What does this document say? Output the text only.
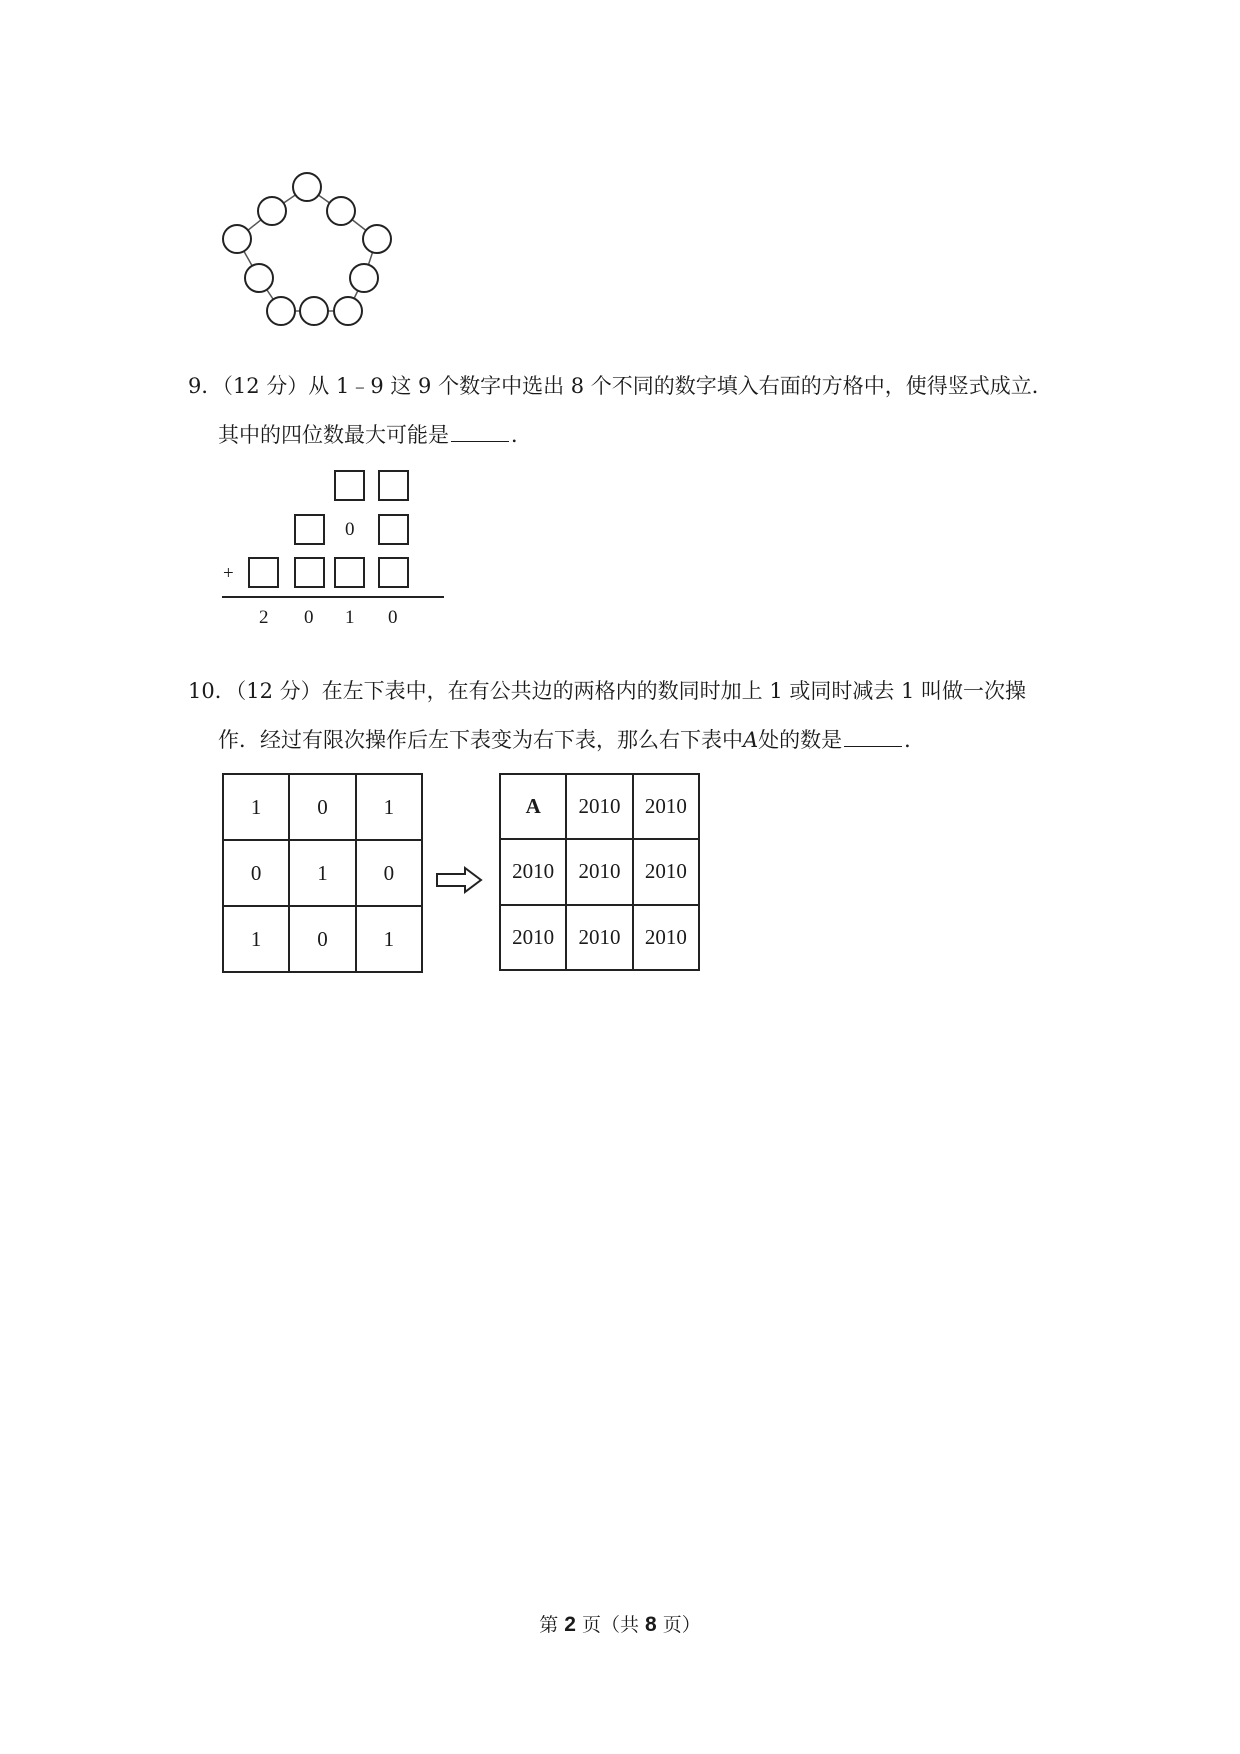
9．（12 分）从 1﹣9 这 9 个数字中选出 8 个不同的数字填入右面的方格中，使得竖式成立．
其中的四位数最大可能是	．
0
+
2 0 1 0
10．（12 分）在左下表中，在有公共边的两格内的数同时加上 1 或同时减去 1 叫做一次操
作．经过有限次操作后左下表变为右下表，那么右下表中A处的数是	．
1	0	1
0	1	0
1	0	1
A	2010	2010
2010	2010	2010
2010	2010	2010
第 2 页（共 8 页）
